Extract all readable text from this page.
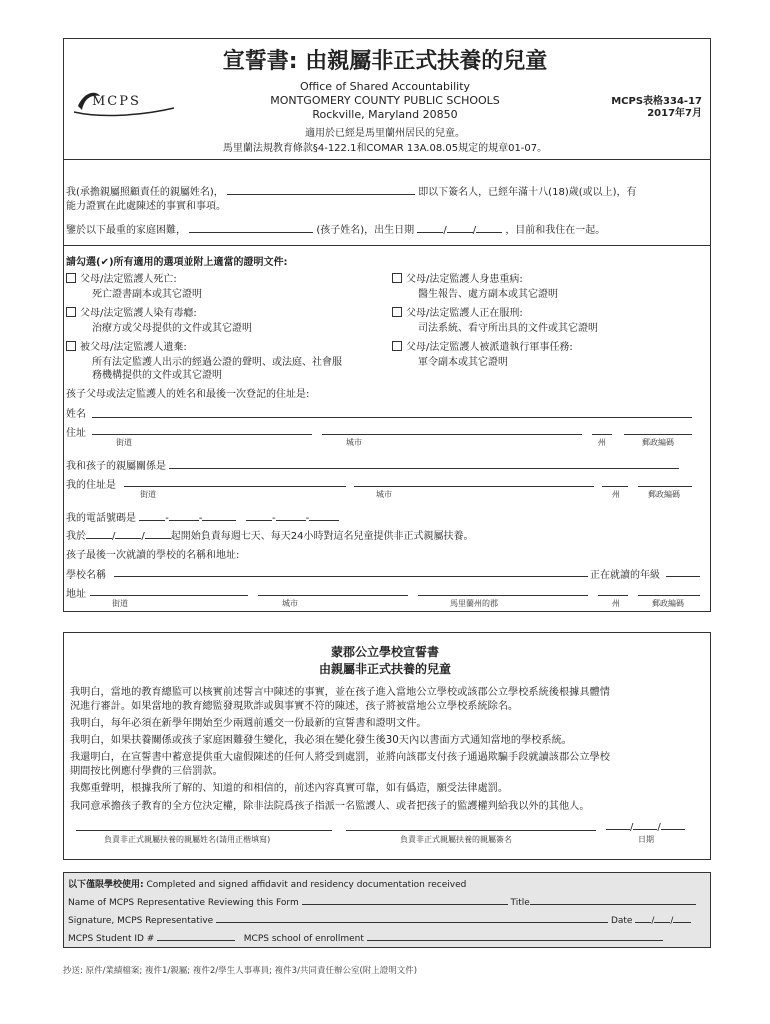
宣誓書: 由親屬非正式扶養的兒童
MCPS
Office of Shared Accountability
MONTGOMERY COUNTY PUBLIC SCHOOLS
Rockville, Maryland 20850
適用於已經是馬里蘭州居民的兒童。
馬里蘭法規教育條款§4-122.1和COMAR 13A.08.05規定的規章01-07。
MCPS表格334-17
2017年7月
我(承擔親屬照顧責任的親屬姓名)，	即以下簽名人，已經年滿十八(18)歲(或以上)，有
能力證實在此處陳述的事實和事項。
鑒於以下最重的家庭困難，	(孩子姓名)，出生日期	/	/	，目前和我住在一起。
請勾選(✔)所有適用的選項並附上適當的證明文件:
父母/法定監護人死亡:
死亡證書副本或其它證明
父母/法定監護人染有毒癮:
治療方或父母提供的文件或其它證明
被父母/法定監護人遺棄:
所有法定監護人出示的經過公證的聲明、或法庭、社會服
務機構提供的文件或其它證明
父母/法定監護人身患重病:
醫生報告、處方副本或其它證明
父母/法定監護人正在服刑:
司法系統、看守所出具的文件或其它證明
父母/法定監護人被派遣執行軍事任務:
軍令副本或其它證明
孩子父母或法定監護人的姓名和最後一次登記的住址是:
姓名
住址
街道	城市	州	郵政編碼
我和孩子的親屬關係是
我的住址是
街道	城市	州	郵政編碼
我的電話號碼是	-	-	-	-
我於	/	/	起開始負責每週七天、每天24小時對這名兒童提供非正式親屬扶養。
孩子最後一次就讀的學校的名稱和地址:
學校名稱	正在就讀的年級
地址
街道	城市	馬里蘭州的郡	州	郵政編碼
蒙郡公立學校宣誓書
由親屬非正式扶養的兒童
我明白，當地的教育總監可以核實前述誓言中陳述的事實，並在孩子進入當地公立學校或該郡公立學校系統後根據具體情
況進行審計。如果當地的教育總監發現欺詐或與事實不符的陳述，孩子將被當地公立學校系統除名。
我明白，每年必須在新學年開始至少兩週前遞交一份最新的宣誓書和證明文件。
我明白，如果扶養關係或孩子家庭困難發生變化，我必須在變化發生後30天內以書面方式通知當地的學校系統。
我還明白，在宣誓書中蓄意提供重大虛假陳述的任何人將受到處罰，並將向該郡支付孩子通過欺騙手段就讀該郡公立學校
期間按比例應付學費的三倍罰款。
我鄭重聲明，根據我所了解的、知道的和相信的，前述內容真實可靠，如有僞造，願受法律處罰。
我同意承擔孩子教育的全方位決定權，除非法院爲孩子指派一名監護人、或者把孩子的監護權判給我以外的其他人。
/ /
負責非正式親屬扶養的親屬姓名(請用正楷填寫)	負責非正式親屬扶養的親屬簽名	日期
以下僅限學校使用: Completed and signed affidavit and residency documentation received
Name of MCPS Representative Reviewing this Form	Title
Signature, MCPS Representative	Date / /
MCPS Student ID #	MCPS school of enrollment
抄送: 原件/業績檔案; 複件1/親屬; 複件2/學生人事專員; 複件3/共同責任辦公室(附上證明文件)
